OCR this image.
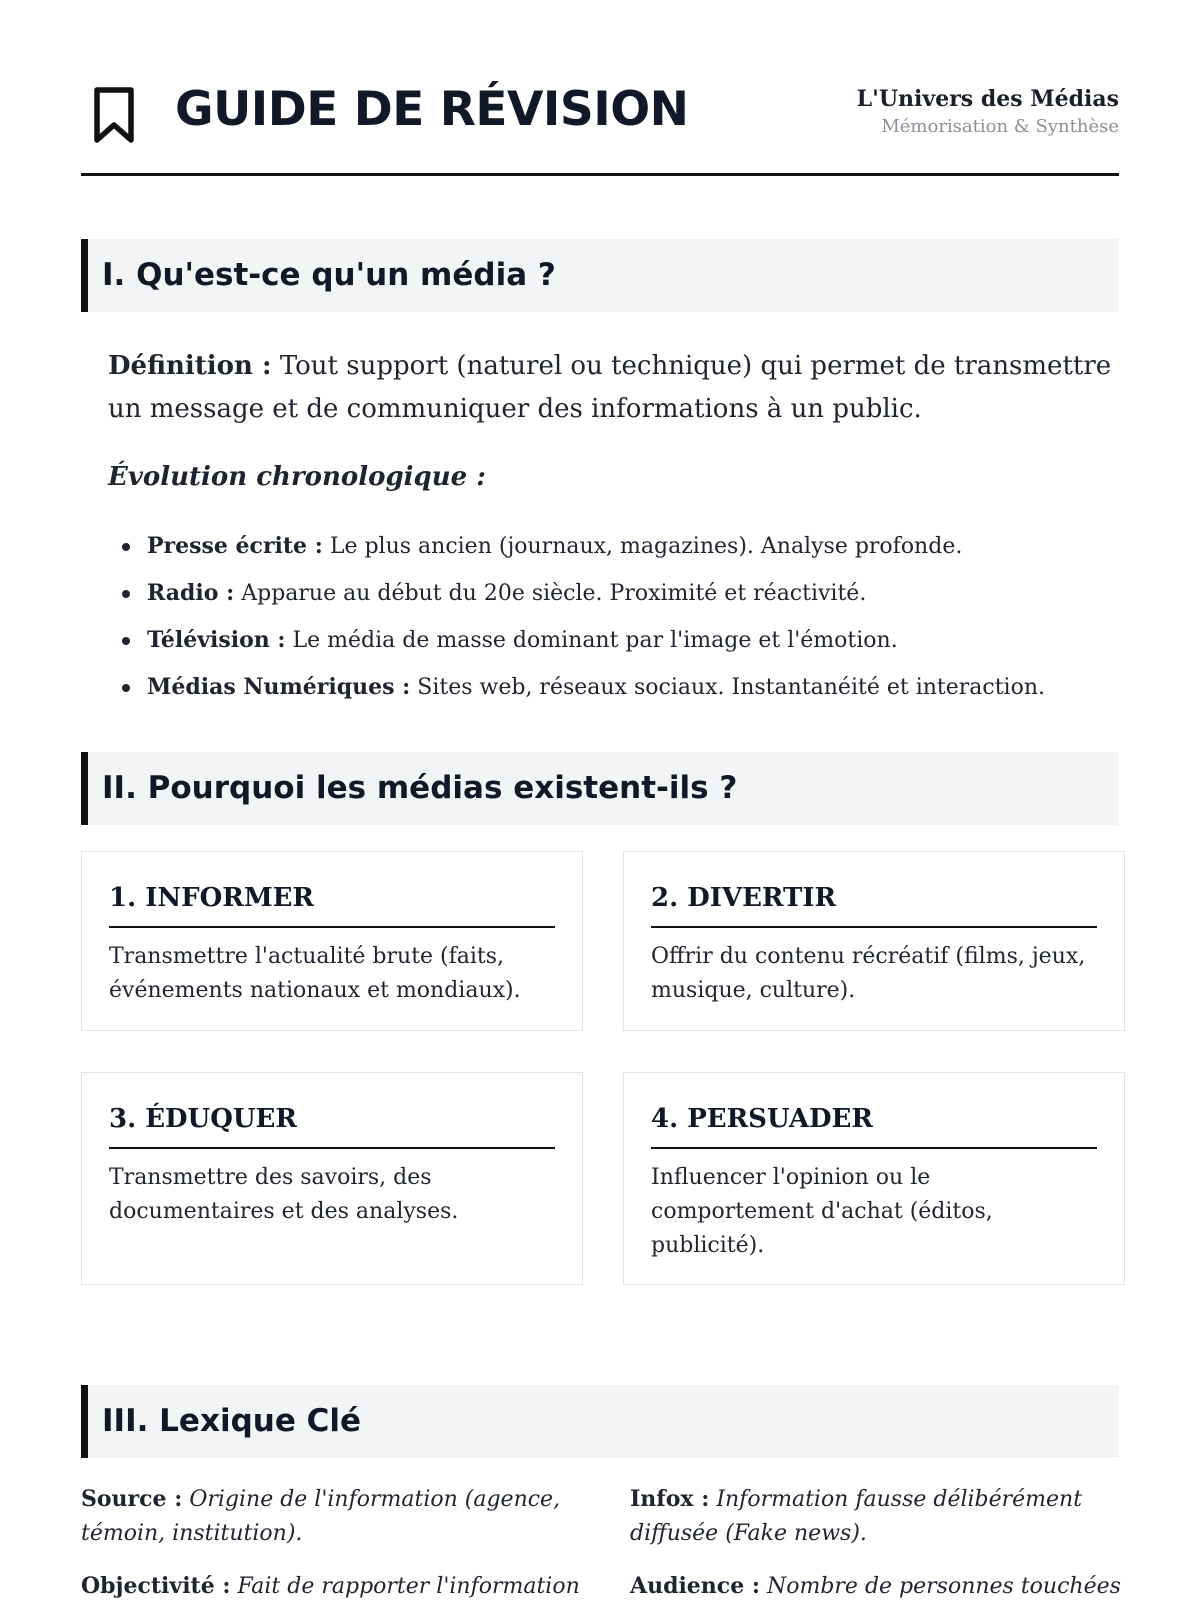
GUIDE DE RÉVISION	L'Univers des Médias
Mémorisation & Synthèse
I. Qu'est-ce qu'un média ?

Définition : Tout support (naturel ou technique) qui permet de transmettre un message et de communiquer des informations à un public.

Évolution chronologique :
Presse écrite : Le plus ancien (journaux, magazines). Analyse profonde.
Radio : Apparue au début du 20e siècle. Proximité et réactivité.
Télévision : Le média de masse dominant par l'image et l'émotion.
Médias Numériques : Sites web, réseaux sociaux. Instantanéité et interaction.
II. Pourquoi les médias existent-ils ?
1. INFORMER
Transmettre l'actualité brute (faits, événements nationaux et mondiaux).
2. DIVERTIR
Offrir du contenu récréatif (films, jeux, musique, culture).
3. ÉDUQUER
Transmettre des savoirs, des documentaires et des analyses.
4. PERSUADER
Influencer l'opinion ou le comportement d'achat (éditos, publicité).
III. Lexique Clé
Source : Origine de l'information (agence, témoin, institution).
Infox : Information fausse délibérément diffusée (Fake news).
Objectivité : Fait de rapporter l'information Audience : Nombre de personnes touchées
